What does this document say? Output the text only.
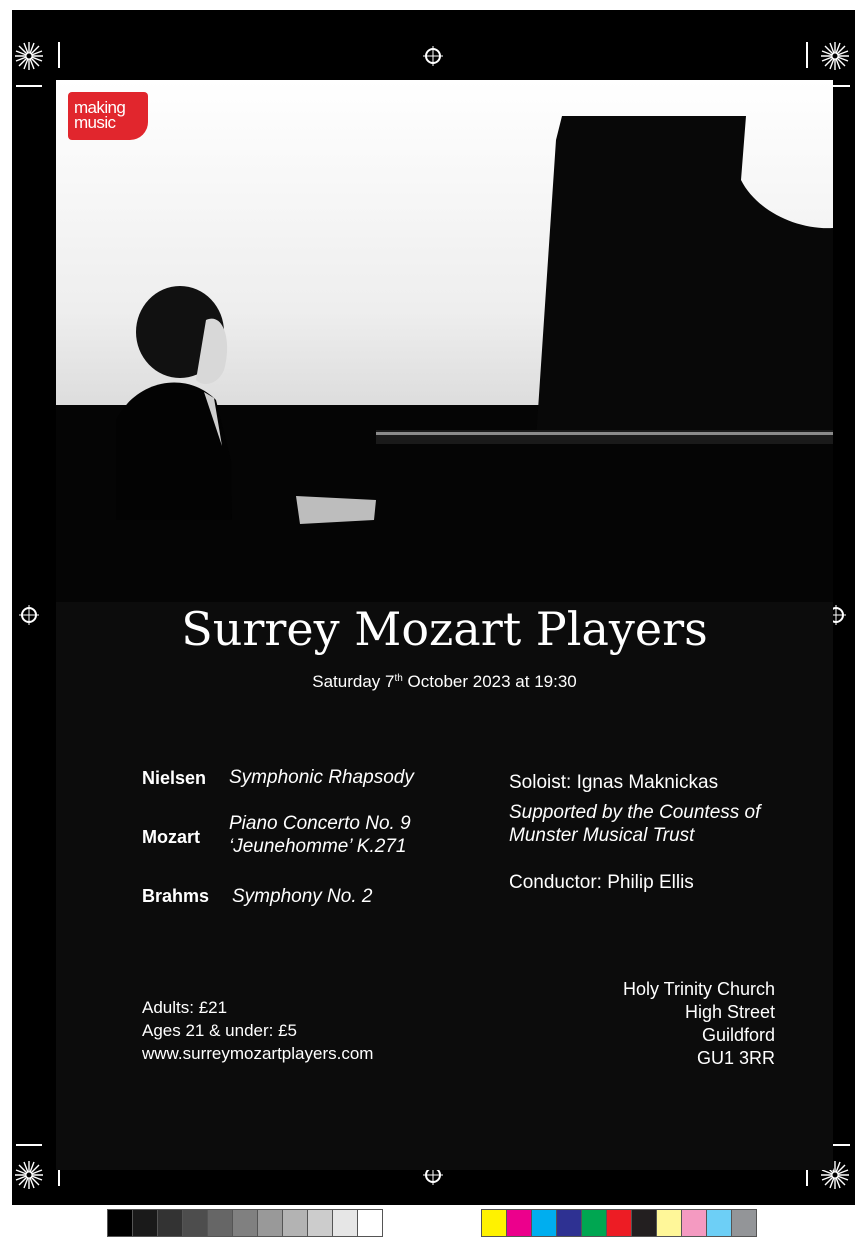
making
music
Surrey Mozart Players
Saturday 7th October 2023 at 19:30
Nielsen Symphonic Rhapsody
Mozart
Piano Concerto No. 9
‘Jeunehomme’ K.271
Brahms Symphony No. 2
Soloist: Ignas Maknickas
Supported by the Countess of
Munster Musical Trust
Conductor: Philip Ellis
Adults: £21
Ages 21 & under: £5
www.surreymozartplayers.com
Holy Trinity Church
High Street
Guildford
GU1 3RR
